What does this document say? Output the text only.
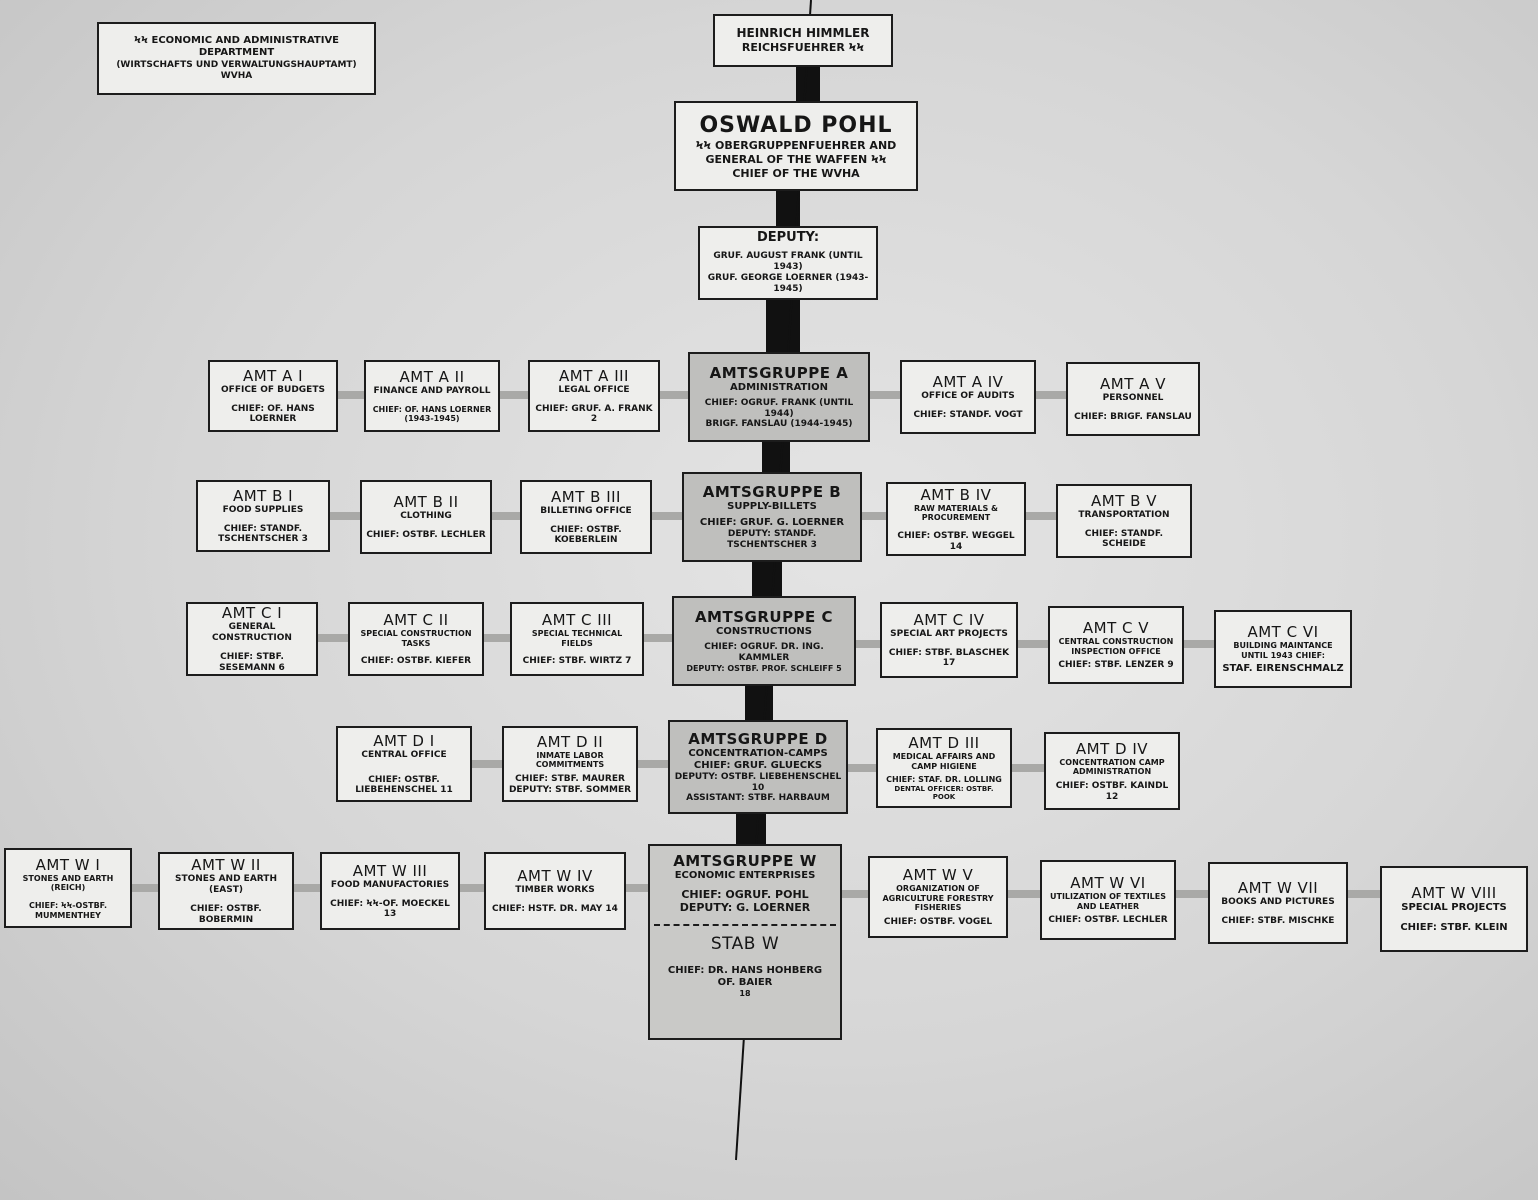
ϞϞ ECONOMIC AND ADMINISTRATIVE DEPARTMENT
(WIRTSCHAFTS UND VERWALTUNGSHAUPTAMT)
WVHA
HEINRICH HIMMLER
REICHSFUEHRER ϞϞ
OSWALD POHL
ϞϞ OBERGRUPPENFUEHRER AND
GENERAL OF THE WAFFEN ϞϞ
CHIEF OF THE WVHA
DEPUTY:
GRUF. AUGUST FRANK (UNTIL 1943)
GRUF. GEORGE LOERNER (1943-1945)
AMT A I
OFFICE OF BUDGETS
CHIEF: OF. HANS LOERNER
AMT A II
FINANCE AND PAYROLL
CHIEF: OF. HANS LOERNER (1943-1945)
AMT A III
LEGAL OFFICE
CHIEF: GRUF. A. FRANK 2
AMTSGRUPPE A
ADMINISTRATION
CHIEF: OGRUF. FRANK (UNTIL 1944)
BRIGF. FANSLAU (1944-1945)
AMT A IV
OFFICE OF AUDITS
CHIEF: STANDF. VOGT
AMT A V
PERSONNEL
CHIEF: BRIGF. FANSLAU
AMT B I
FOOD SUPPLIES
CHIEF: STANDF. TSCHENTSCHER 3
AMT B II
CLOTHING
CHIEF: OSTBF. LECHLER
AMT B III
BILLETING OFFICE
CHIEF: OSTBF. KOEBERLEIN
AMTSGRUPPE B
SUPPLY-BILLETS
CHIEF: GRUF. G. LOERNER
DEPUTY: STANDF. TSCHENTSCHER 3
AMT B IV
RAW MATERIALS & PROCUREMENT
CHIEF: OSTBF. WEGGEL 14
AMT B V
TRANSPORTATION
CHIEF: STANDF. SCHEIDE
AMT C I
GENERAL CONSTRUCTION
CHIEF: STBF. SESEMANN 6
AMT C II
SPECIAL CONSTRUCTION TASKS
CHIEF: OSTBF. KIEFER
AMT C III
SPECIAL TECHNICAL FIELDS
CHIEF: STBF. WIRTZ 7
AMTSGRUPPE C
CONSTRUCTIONS
CHIEF: OGRUF. DR. ING. KAMMLER
DEPUTY: OSTBF. PROF. SCHLEIFF 5
AMT C IV
SPECIAL ART PROJECTS
CHIEF: STBF. BLASCHEK 17
AMT C V
CENTRAL CONSTRUCTION INSPECTION OFFICE
CHIEF: STBF. LENZER 9
AMT C VI
BUILDING MAINTANCE UNTIL 1943 CHIEF:
STAF. EIRENSCHMALZ
AMT D I
CENTRAL OFFICE
CHIEF: OSTBF. LIEBEHENSCHEL 11
AMT D II
INMATE LABOR COMMITMENTS
CHIEF: STBF. MAURER
DEPUTY: STBF. SOMMER
AMTSGRUPPE D
CONCENTRATION-CAMPS
CHIEF: GRUF. GLUECKS
DEPUTY: OSTBF. LIEBEHENSCHEL 10
ASSISTANT: STBF. HARBAUM
AMT D III
MEDICAL AFFAIRS AND CAMP HIGIENE
CHIEF: STAF. DR. LOLLING
DENTAL OFFICER: OSTBF. POOK
AMT D IV
CONCENTRATION CAMP ADMINISTRATION
CHIEF: OSTBF. KAINDL 12
AMT W I
STONES AND EARTH (REICH)
CHIEF: ϞϞ-OSTBF. MUMMENTHEY
AMT W II
STONES AND EARTH (EAST)
CHIEF: OSTBF. BOBERMIN
AMT W III
FOOD MANUFACTORIES
CHIEF: ϞϞ-OF. MOECKEL 13
AMT W IV
TIMBER WORKS
CHIEF: HSTF. DR. MAY 14
AMTSGRUPPE W
ECONOMIC ENTERPRISES
CHIEF: OGRUF. POHL
DEPUTY: G. LOERNER
STAB W
CHIEF: DR. HANS HOHBERG
OF. BAIER
18
AMT W V
ORGANIZATION OF AGRICULTURE FORESTRY FISHERIES
CHIEF: OSTBF. VOGEL
AMT W VI
UTILIZATION OF TEXTILES AND LEATHER
CHIEF: OSTBF. LECHLER
AMT W VII
BOOKS AND PICTURES
CHIEF: STBF. MISCHKE
AMT W VIII
SPECIAL PROJECTS
CHIEF: STBF. KLEIN
